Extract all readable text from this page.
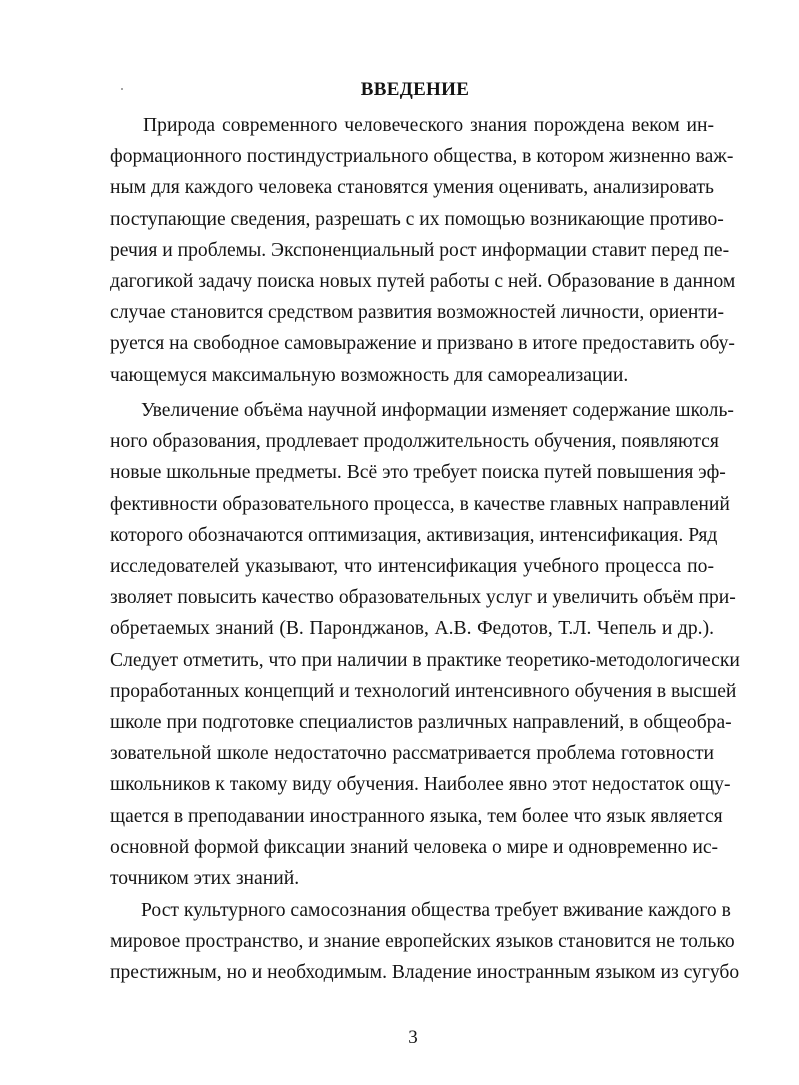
ВВЕДЕНИЕ
Природа современного человеческого знания порождена веком ин-
формационного постиндустриального общества, в котором жизненно важ-
ным для каждого человека становятся умения оценивать, анализировать
поступающие сведения, разрешать с их помощью возникающие противо-
речия и проблемы. Экспоненциальный рост информации ставит перед пе-
дагогикой задачу поиска новых путей работы с ней. Образование в данном
случае становится средством развития возможностей личности, ориенти-
руется на свободное самовыражение и призвано в итоге предоставить обу-
чающемуся максимальную возможность для самореализации.
Увеличение объёма научной информации изменяет содержание школь-
ного образования, продлевает продолжительность обучения, появляются
новые школьные предметы. Всё это требует поиска путей повышения эф-
фективности образовательного процесса, в качестве главных направлений
которого обозначаются оптимизация, активизация, интенсификация. Ряд
исследователей указывают, что интенсификация учебного процесса по-
зволяет повысить качество образовательных услуг и увеличить объём при-
обретаемых знаний (В. Паронджанов, А.В. Федотов, Т.Л. Чепель и др.).
Следует отметить, что при наличии в практике теоретико-методологически
проработанных концепций и технологий интенсивного обучения в высшей
школе при подготовке специалистов различных направлений, в общеобра-
зовательной школе недостаточно рассматривается проблема готовности
школьников к такому виду обучения. Наиболее явно этот недостаток ощу-
щается в преподавании иностранного языка, тем более что язык является
основной формой фиксации знаний человека о мире и одновременно ис-
точником этих знаний.
Рост культурного самосознания общества требует вживание каждого в
мировое пространство, и знание европейских языков становится не только
престижным, но и необходимым. Владение иностранным языком из сугубо

3
